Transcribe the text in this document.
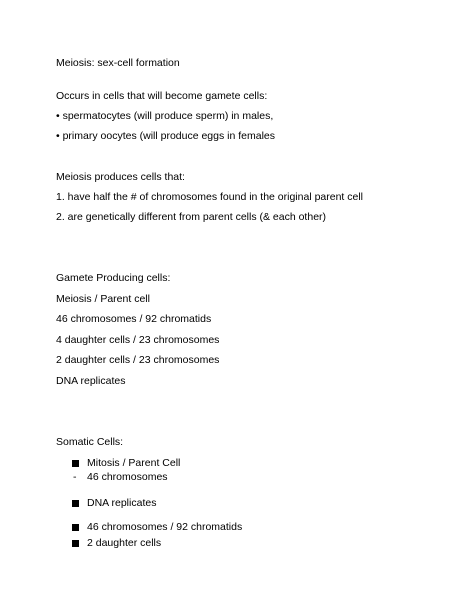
Meiosis: sex-cell formation
Occurs in cells that will become gamete cells:
• spermatocytes (will produce sperm) in males,
• primary oocytes (will produce eggs in females
Meiosis produces cells that:
1. have half the # of chromosomes found in the original parent cell
2. are genetically different from parent cells (& each other)
Gamete Producing cells:
Meiosis / Parent cell
46 chromosomes / 92 chromatids
4 daughter cells / 23 chromosomes
2 daughter cells / 23 chromosomes
DNA replicates
Somatic Cells:
Mitosis / Parent Cell
- 46 chromosomes
DNA replicates
46 chromosomes / 92 chromatids
2 daughter cells
